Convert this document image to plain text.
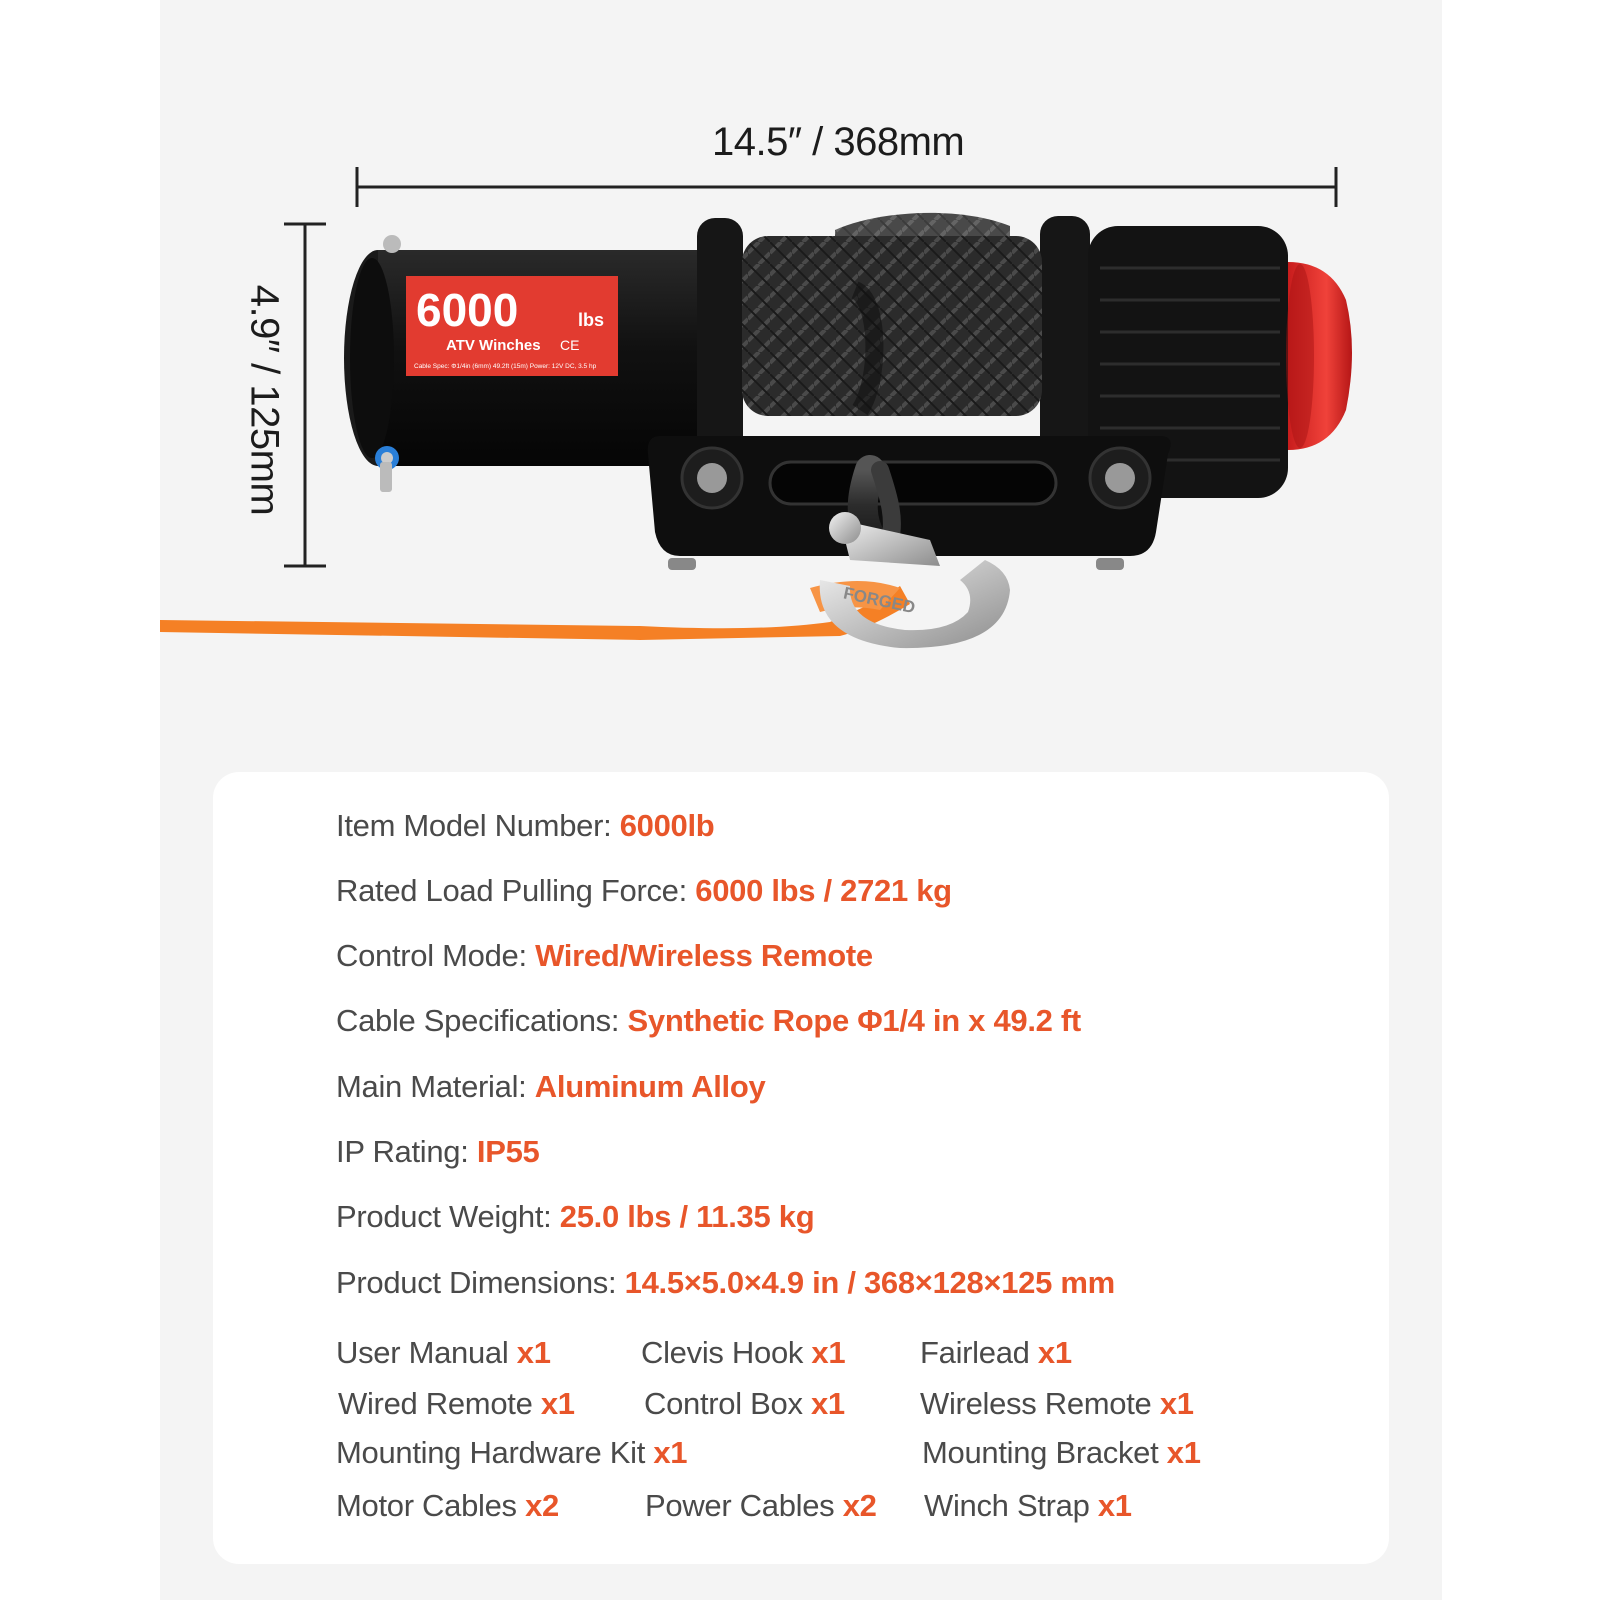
14.5″ / 368mm
4.9″ / 125mm	6000	lbs
ATV Winches CE
Cable Spec: Φ1/4in (6mm) 49.2ft (15m) Power: 12V DC, 3.5 hp
FORGED
Item Model Number: 6000lb
Rated Load Pulling Force: 6000 lbs / 2721 kg
Control Mode: Wired/Wireless Remote
Cable Specifications: Synthetic Rope Φ1/4 in x 49.2 ft
Main Material: Aluminum Alloy
IP Rating: IP55
Product Weight: 25.0 lbs / 11.35 kg
Product Dimensions: 14.5×5.0×4.9 in / 368×128×125 mm
User Manual x1	Clevis Hook x1 Fairlead x1
Wired Remote x1 Control Box x1 Wireless Remote x1
Mounting Hardware Kit x1	Mounting Bracket x1
Motor Cables x2	Power Cables x2 Winch Strap x1
